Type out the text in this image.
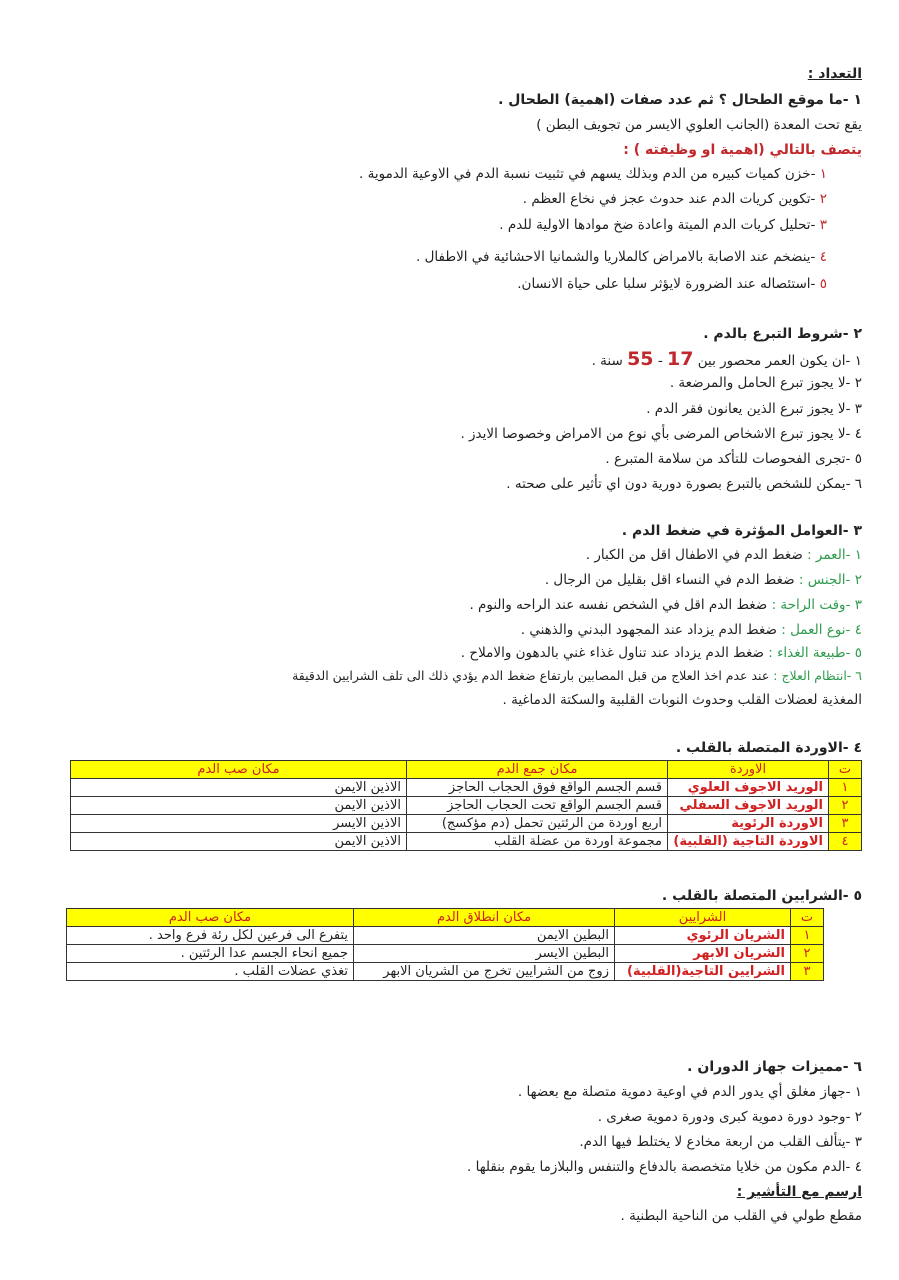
التعداد :
١ -ما موقع الطحال ؟ ثم عدد صفات (اهمية) الطحال .
يقع تحت المعدة (الجانب العلوي الايسر من تجويف البطن )
يتصف بالتالي (اهمية او وظيفته ) :
١ -خزن كميات كبيره من الدم وبذلك يسهم في تثبيت نسبة الدم في الاوعية الدموية .
٢ -تكوين كريات الدم عند حدوث عجز في نخاع العظم .
٣ -تحليل كريات الدم الميتة واعادة ضخ موادها الاولية للدم .
٤ -ينضخم عند الاصابة بالامراض كالملاريا والشمانيا الاحشائية في الاطفال .
٥ -استئصاله عند الضرورة لايؤثر سلبا على حياة الانسان.
٢ -شروط التبرع بالدم .
١ -ان يكون العمر محصور بين 17 - 55 سنة .
٢ -لا يجوز تبرع الحامل والمرضعة .
٣ -لا يجوز تبرع الذين يعانون فقر الدم .
٤ -لا يجوز تبرع الاشخاص المرضى بأي نوع من الامراض وخصوصا الايدز .
٥ -تجرى الفحوصات للتأكد من سلامة المتبرع .
٦ -يمكن للشخص بالتبرع بصورة دورية دون اي تأثير على صحته .
٣ -العوامل المؤثرة في ضغط الدم .
١ -العمر : ضغط الدم في الاطفال اقل من الكبار .
٢ -الجنس : ضغط الدم في النساء اقل بقليل من الرجال .
٣ -وقت الراحة : ضغط الدم اقل في الشخص نفسه عند الراحه والنوم .
٤ -نوع العمل : ضغط الدم يزداد عند المجهود البدني والذهني .
٥ -طبيعة الغذاء : ضغط الدم يزداد عند تناول غذاء غني بالدهون والاملاح .
٦ -انتظام العلاج : عند عدم اخذ العلاج من قبل المصابين بارتفاع ضغط الدم يؤدي ذلك الى تلف الشرايين الدقيقة
المغذية لعضلات القلب وحدوث النوبات القلبية والسكتة الدماغية .
٤ -الاوردة المتصلة بالقلب .
ت	الاوردة	مكان جمع الدم	مكان صب الدم
١	الوريد الاجوف العلوي	قسم الجسم الواقع فوق الحجاب الحاجز	الاذين الايمن
٢	الوريد الاجوف السفلي	قسم الجسم الواقع تحت الحجاب الحاجز	الاذين الايمن
٣	الاوردة الرئوية	اربع اوردة من الرئتين تحمل (دم مؤكسج)	الاذين الايسر
٤	الاوردة التاجية (القلبية)	مجموعة اوردة من عضلة القلب	الاذين الايمن
٥ -الشرايين المتصلة بالقلب .
ت	الشرايين	مكان انطلاق الدم	مكان صب الدم
١	الشريان الرئوي	البطين الايمن	يتفرع الى فرعين لكل رئة فرع واحد .
٢	الشريان الابهر	البطين الايسر	جميع انحاء الجسم عدا الرئتين .
٣	الشرايين التاجية(القلبية)	زوج من الشرايين تخرج من الشريان الابهر	تغذي عضلات القلب .
٦ -مميزات جهاز الدوران .
١ -جهاز مغلق أي يدور الدم في اوعية دموية متصلة مع بعضها .
٢ -وجود دورة دموية كبرى ودورة دموية صغرى .
٣ -يتألف القلب من اربعة مخادع لا يختلط فيها الدم.
٤ -الدم مكون من خلايا متخصصة بالدفاع والتنفس والبلازما يقوم بنقلها .
ارسم مع التأشير :
مقطع طولي في القلب من الناحية البطنية .
